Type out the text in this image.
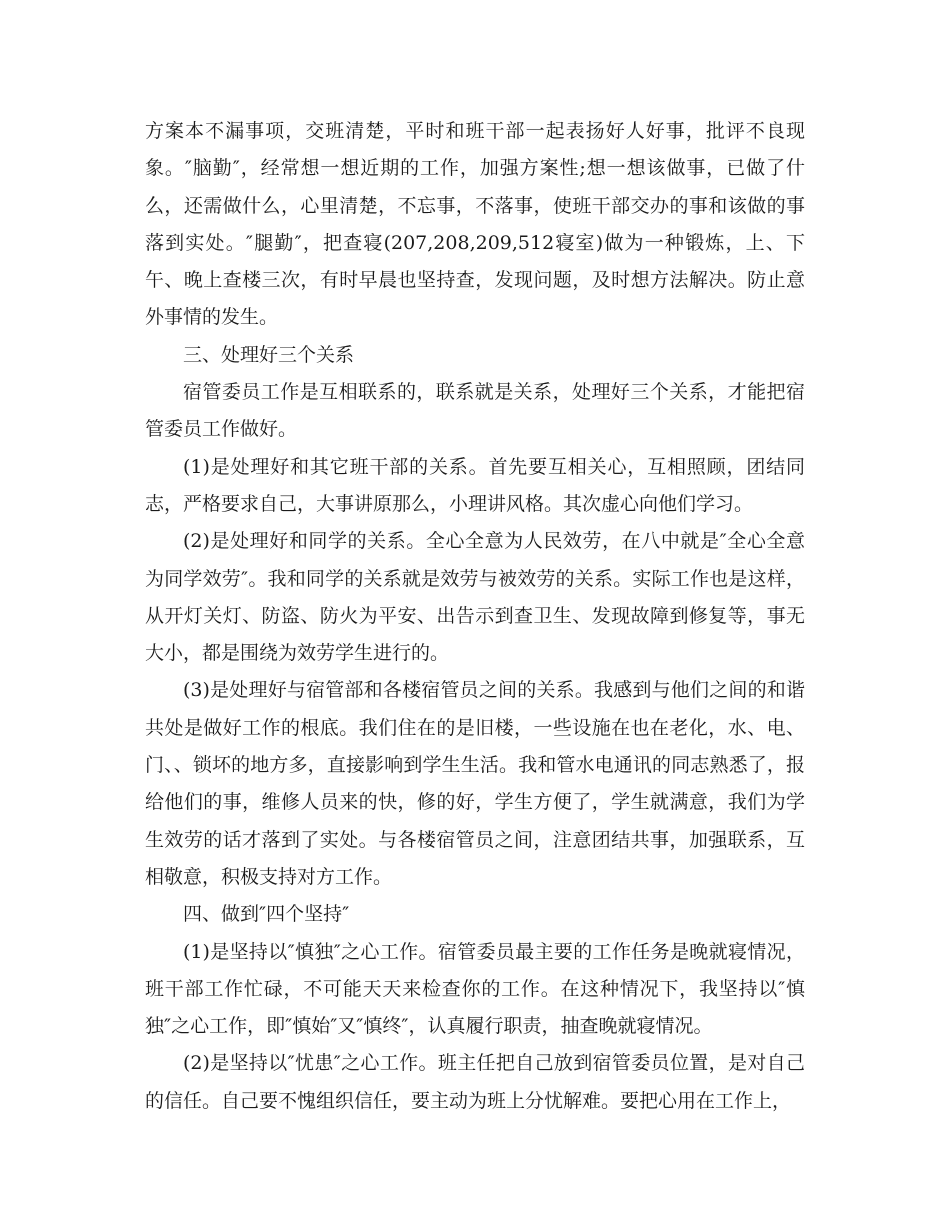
方案本不漏事项，交班清楚，平时和班干部一起表扬好人好事，批评不良现象。″脑勤″，经常想一想近期的工作，加强方案性;想一想该做事，已做了什么，还需做什么，心里清楚，不忘事，不落事，使班干部交办的事和该做的事落到实处。″腿勤″，把查寝(207,208,209,512寝室)做为一种锻炼，上、下午、晚上查楼三次，有时早晨也坚持查，发现问题，及时想方法解决。防止意外事情的发生。

三、处理好三个关系

宿管委员工作是互相联系的，联系就是关系，处理好三个关系，才能把宿管委员工作做好。

(1)是处理好和其它班干部的关系。首先要互相关心，互相照顾，团结同志，严格要求自己，大事讲原那么，小理讲风格。其次虚心向他们学习。

(2)是处理好和同学的关系。全心全意为人民效劳，在八中就是″全心全意为同学效劳″。我和同学的关系就是效劳与被效劳的关系。实际工作也是这样，从开灯关灯、防盗、防火为平安、出告示到查卫生、发现故障到修复等，事无大小，都是围绕为效劳学生进行的。

(3)是处理好与宿管部和各楼宿管员之间的关系。我感到与他们之间的和谐共处是做好工作的根底。我们住在的是旧楼，一些设施在也在老化，水、电、门、、锁坏的地方多，直接影响到学生生活。我和管水电通讯的同志熟悉了，报给他们的事，维修人员来的快，修的好，学生方便了，学生就满意，我们为学生效劳的话才落到了实处。与各楼宿管员之间，注意团结共事，加强联系，互相敬意，积极支持对方工作。

四、做到″四个坚持″

(1)是坚持以″慎独″之心工作。宿管委员最主要的工作任务是晚就寝情况，班干部工作忙碌，不可能天天来检查你的工作。在这种情况下，我坚持以″慎独″之心工作，即″慎始″又″慎终″，认真履行职责，抽查晚就寝情况。

(2)是坚持以″忧患″之心工作。班主任把自己放到宿管委员位置，是对自己的信任。自己要不愧组织信任，要主动为班上分忧解难。要把心用在工作上，
